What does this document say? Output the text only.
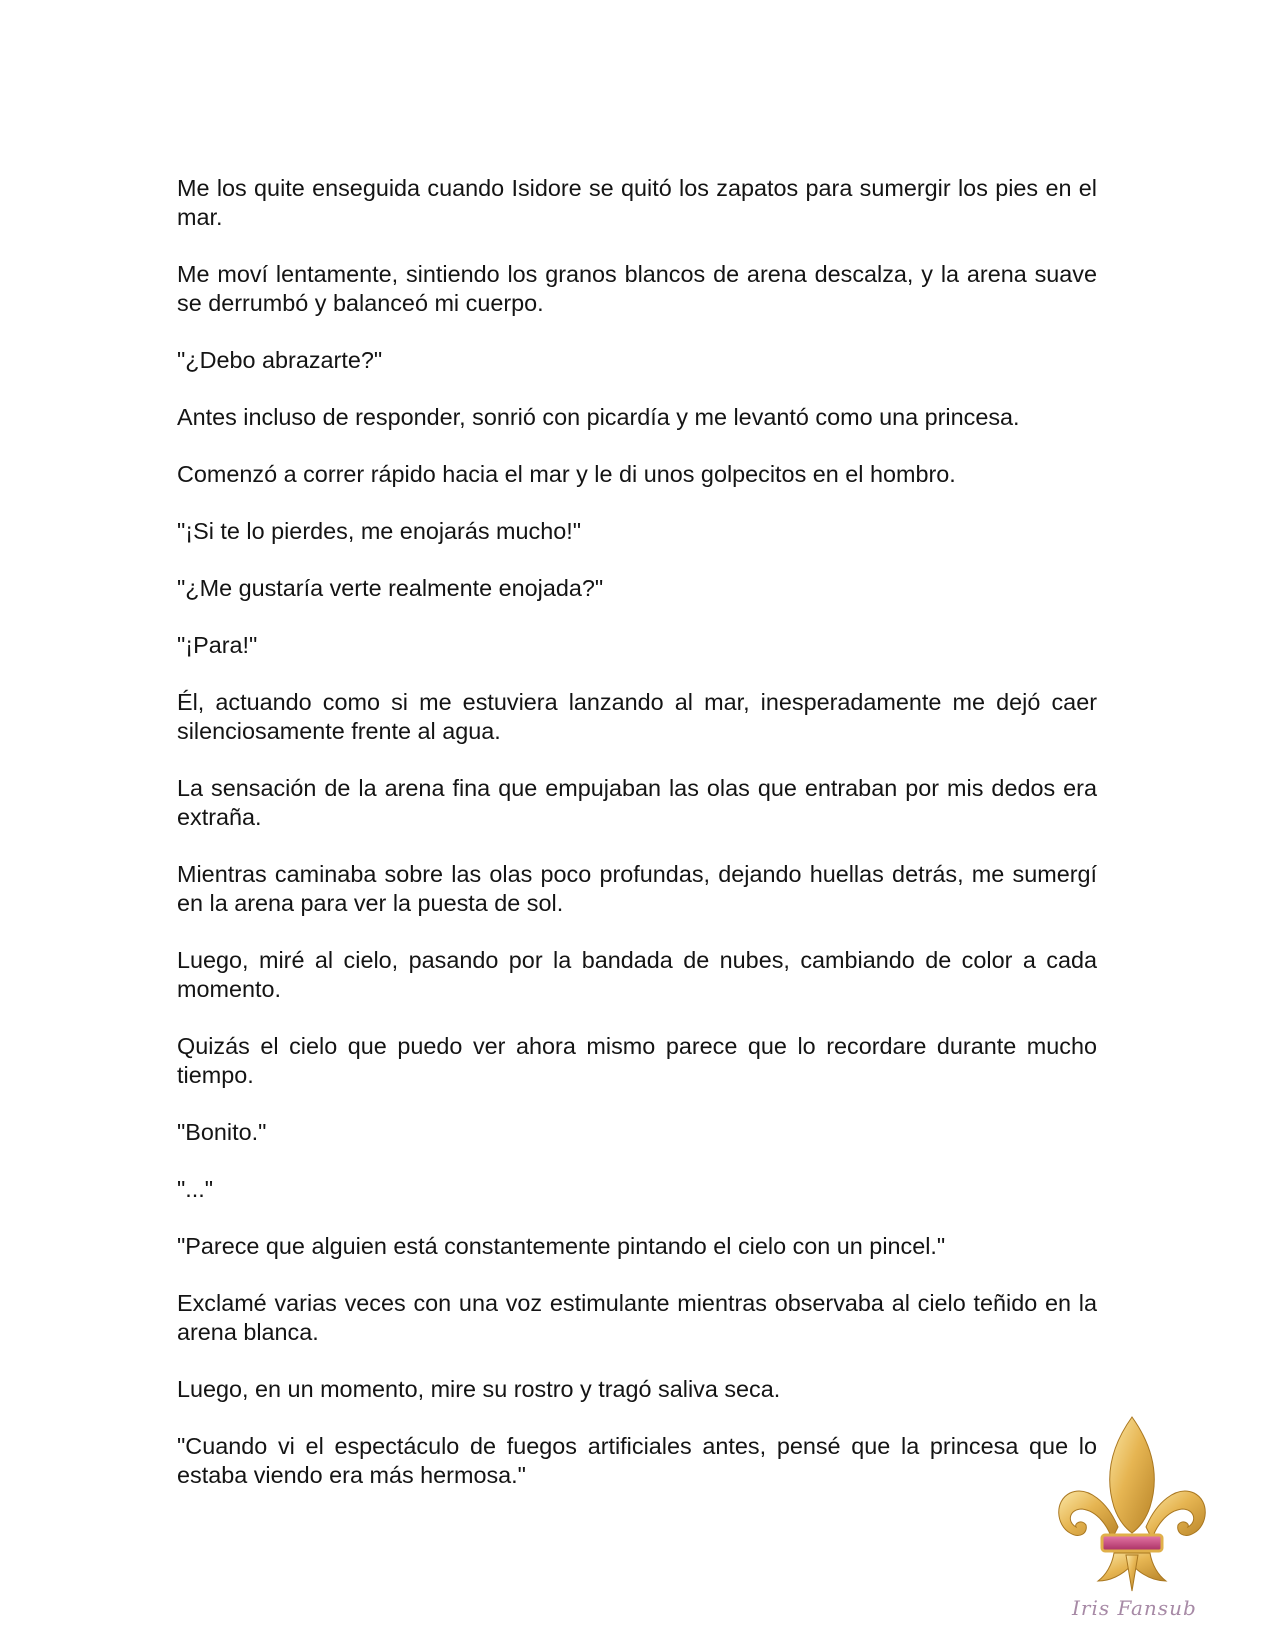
Me los quite enseguida cuando Isidore se quitó los zapatos para sumergir los pies en el mar.

Me moví lentamente, sintiendo los granos blancos de arena descalza, y la arena suave se derrumbó y balanceó mi cuerpo.

"¿Debo abrazarte?"

Antes incluso de responder, sonrió con picardía y me levantó como una princesa.

Comenzó a correr rápido hacia el mar y le di unos golpecitos en el hombro.

"¡Si te lo pierdes, me enojarás mucho!"

"¿Me gustaría verte realmente enojada?"

"¡Para!"

Él, actuando como si me estuviera lanzando al mar, inesperadamente me dejó caer silenciosamente frente al agua.

La sensación de la arena fina que empujaban las olas que entraban por mis dedos era extraña.

Mientras caminaba sobre las olas poco profundas, dejando huellas detrás, me sumergí en la arena para ver la puesta de sol.

Luego, miré al cielo, pasando por la bandada de nubes, cambiando de color a cada momento.

Quizás el cielo que puedo ver ahora mismo parece que lo recordare durante mucho tiempo.

"Bonito."

"..."

"Parece que alguien está constantemente pintando el cielo con un pincel."

Exclamé varias veces con una voz estimulante mientras observaba al cielo teñido en la arena blanca.

Luego, en un momento, mire su rostro y tragó saliva seca.

"Cuando vi el espectáculo de fuegos artificiales antes, pensé que la princesa que lo estaba viendo era más hermosa."

Iris Fansub
